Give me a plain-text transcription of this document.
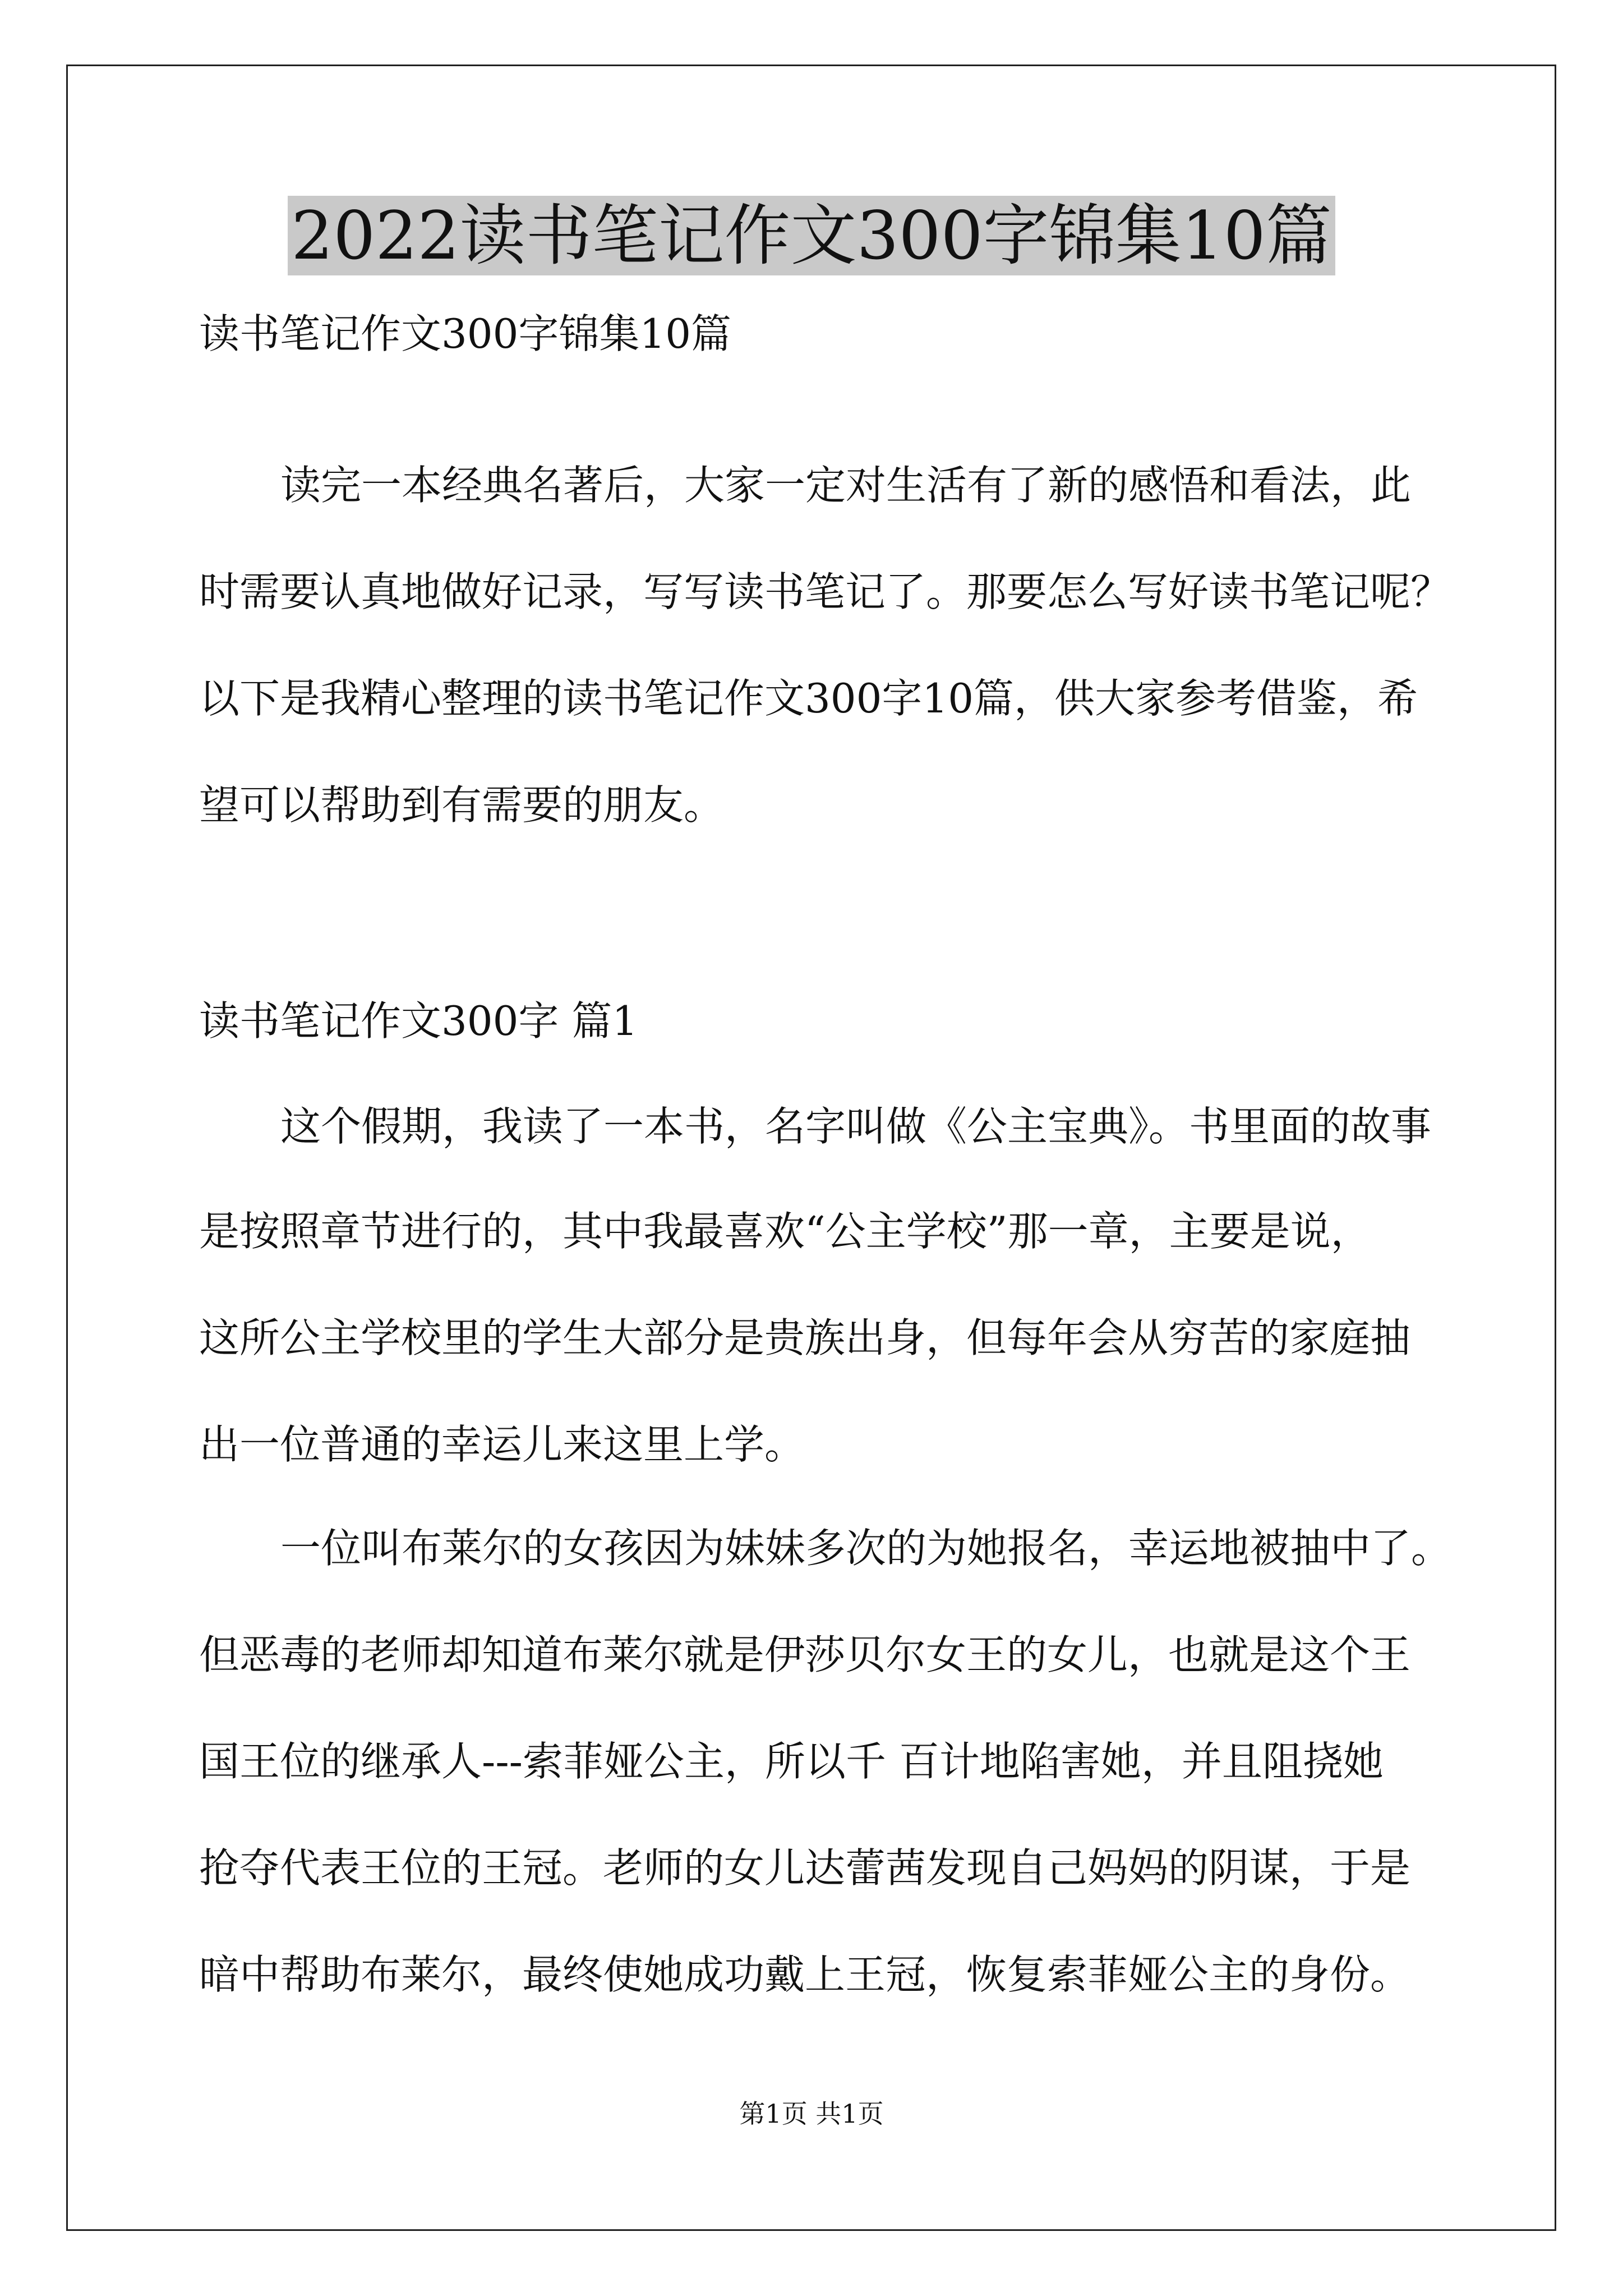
2022读书笔记作文300字锦集10篇
读书笔记作文300字锦集10篇
读完一本经典名著后，大家一定对生活有了新的感悟和看法，此
时需要认真地做好记录，写写读书笔记了。那要怎么写好读书笔记呢？
以下是我精心整理的读书笔记作文300字10篇，供大家参考借鉴，希
望可以帮助到有需要的朋友。
读书笔记作文300字 篇1
这个假期，我读了一本书，名字叫做《公主宝典》。书里面的故事
是按照章节进行的，其中我最喜欢“公主学校”那一章，主要是说，
这所公主学校里的学生大部分是贵族出身，但每年会从穷苦的家庭抽
出一位普通的幸运儿来这里上学。
一位叫布莱尔的女孩因为妹妹多次的为她报名，幸运地被抽中了。
但恶毒的老师却知道布莱尔就是伊莎贝尔女王的女儿，也就是这个王
国王位的继承人---索菲娅公主，所以千 百计地陷害她，并且阻挠她
抢夺代表王位的王冠。老师的女儿达蕾茜发现自己妈妈的阴谋，于是
暗中帮助布莱尔，最终使她成功戴上王冠，恢复索菲娅公主的身份。
第1页 共1页
